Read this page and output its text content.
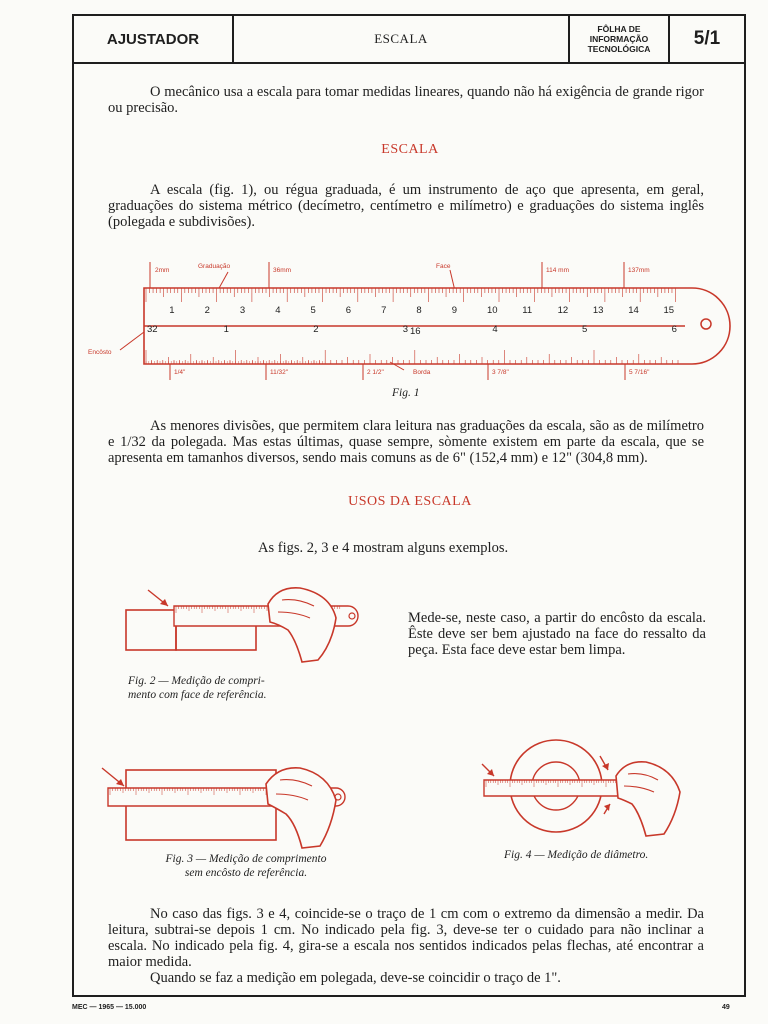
AJUSTADOR	ESCALA
FÔLHA DE
INFORMAÇÃO
TECNOLÓGICA	5/1
O mecânico usa a escala para tomar medidas lineares, quando não há exigência de grande rigor ou precisão.
ESCALA
A escala (fig. 1), ou régua graduada, é um instrumento de aço que apresenta, em geral, graduações do sistema métrico (decímetro, centímetro e milímetro) e graduações do sistema inglês (polegada e subdivisões).
2mm
Graduação
36mm
Face
114 mm	137mm
1	2	3	4	5	6	7	8	9	10	11	12	13	14	15
1	2	3	4	5	6
32	16
Encôsto
1/4"	11/32"	2 1/2"	Borda	3 7/8"	5 7/16"
Fig. 1
As menores divisões, que permitem clara leitura nas graduações da escala, são as de milímetro e 1/32 da polegada. Mas estas últimas, quase sempre, sòmente existem em parte da escala, que se apresenta em tamanhos diversos, sendo mais comuns as de 6" (152,4 mm) e 12" (304,8 mm).
USOS DA ESCALA
As figs. 2, 3 e 4 mostram alguns exemplos.
Fig. 2 — Medição de compri-
mento com face de referência.
Mede-se, neste caso, a partir do encôsto da escala. Êste deve ser bem ajustado na face do ressalto da peça. Esta face deve estar bem limpa.
Fig. 3 — Medição de comprimento
sem encôsto de referência.
Fig. 4 — Medição de diâmetro.
No caso das figs. 3 e 4, coincide-se o traço de 1 cm com o extremo da dimensão a medir. Da leitura, subtrai-se depois 1 cm. No indicado pela fig. 3, deve-se ter o cuidado para não inclinar a escala. No indicado pela fig. 4, gira-se a escala nos sentidos indicados pelas flechas, até encontrar a maior medida.
Quando se faz a medição em polegada, deve-se coincidir o traço de 1".
MEC — 1965 — 15.000	49
